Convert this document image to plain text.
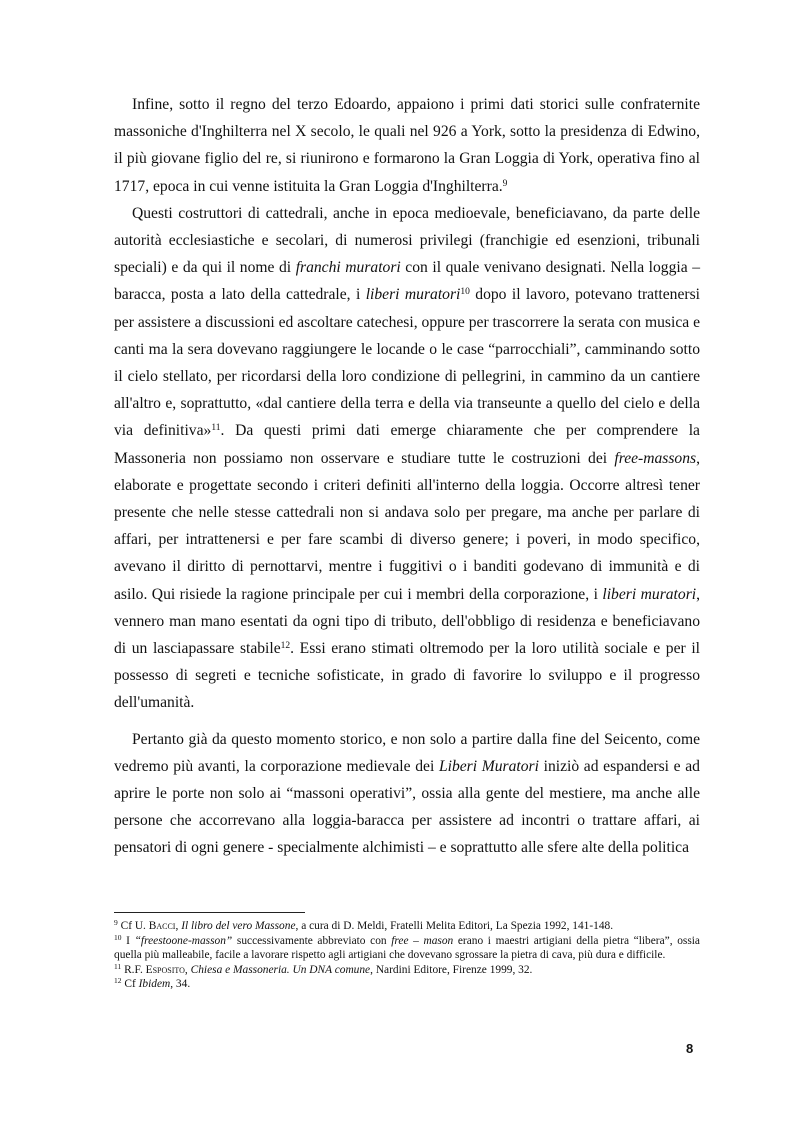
Infine, sotto il regno del terzo Edoardo, appaiono i primi dati storici sulle confraternite massoniche d'Inghilterra nel X secolo, le quali nel 926 a York, sotto la presidenza di Edwino, il più giovane figlio del re, si riunirono e formarono la Gran Loggia di York, operativa fino al 1717, epoca in cui venne istituita la Gran Loggia d'Inghilterra.$^9$

Questi costruttori di cattedrali, anche in epoca medioevale, beneficiavano, da parte delle autorità ecclesiastiche e secolari, di numerosi privilegi (franchigie ed esenzioni, tribunali speciali) e da qui il nome di franchi muratori con il quale venivano designati. Nella loggia – baracca, posta a lato della cattedrale, i liberi muratori$^{10}$ dopo il lavoro, potevano trattenersi per assistere a discussioni ed ascoltare catechesi, oppure per trascorrere la serata con musica e canti ma la sera dovevano raggiungere le locande o le case “parrocchiali”, camminando sotto il cielo stellato, per ricordarsi della loro condizione di pellegrini, in cammino da un cantiere all'altro e, soprattutto, «dal cantiere della terra e della via transeunte a quello del cielo e della via definitiva»$^{11}$. Da questi primi dati emerge chiaramente che per comprendere la Massoneria non possiamo non osservare e studiare tutte le costruzioni dei free-massons, elaborate e progettate secondo i criteri definiti all'interno della loggia. Occorre altresì tener presente che nelle stesse cattedrali non si andava solo per pregare, ma anche per parlare di affari, per intrattenersi e per fare scambi di diverso genere; i poveri, in modo specifico, avevano il diritto di pernottarvi, mentre i fuggitivi o i banditi godevano di immunità e di asilo. Qui risiede la ragione principale per cui i membri della corporazione, i liberi muratori, vennero man mano esentati da ogni tipo di tributo, dell'obbligo di residenza e beneficiavano di un lasciapassare stabile$^{12}$. Essi erano stimati oltremodo per la loro utilità sociale e per il possesso di segreti e tecniche sofisticate, in grado di favorire lo sviluppo e il progresso dell'umanità.

Pertanto già da questo momento storico, e non solo a partire dalla fine del Seicento, come vedremo più avanti, la corporazione medievale dei Liberi Muratori iniziò ad espandersi e ad aprire le porte non solo ai “massoni operativi”, ossia alla gente del mestiere, ma anche alle persone che accorrevano alla loggia-baracca per assistere ad incontri o trattare affari, ai pensatori di ogni genere - specialmente alchimisti – e soprattutto alle sfere alte della politica

$^9$ Cf U. Bacci, Il libro del vero Massone, a cura di D. Meldi, Fratelli Melita Editori, La Spezia 1992, 141-148.
$^{10}$ I “freestoone-masson” successivamente abbreviato con free – mason erano i maestri artigiani della pietra “libera”, ossia quella più malleabile, facile a lavorare rispetto agli artigiani che dovevano sgrossare la pietra di cava, più dura e difficile.
$^{11}$ R.F. Esposito, Chiesa e Massoneria. Un DNA comune, Nardini Editore, Firenze 1999, 32.
$^{12}$ Cf Ibidem, 34.
8
